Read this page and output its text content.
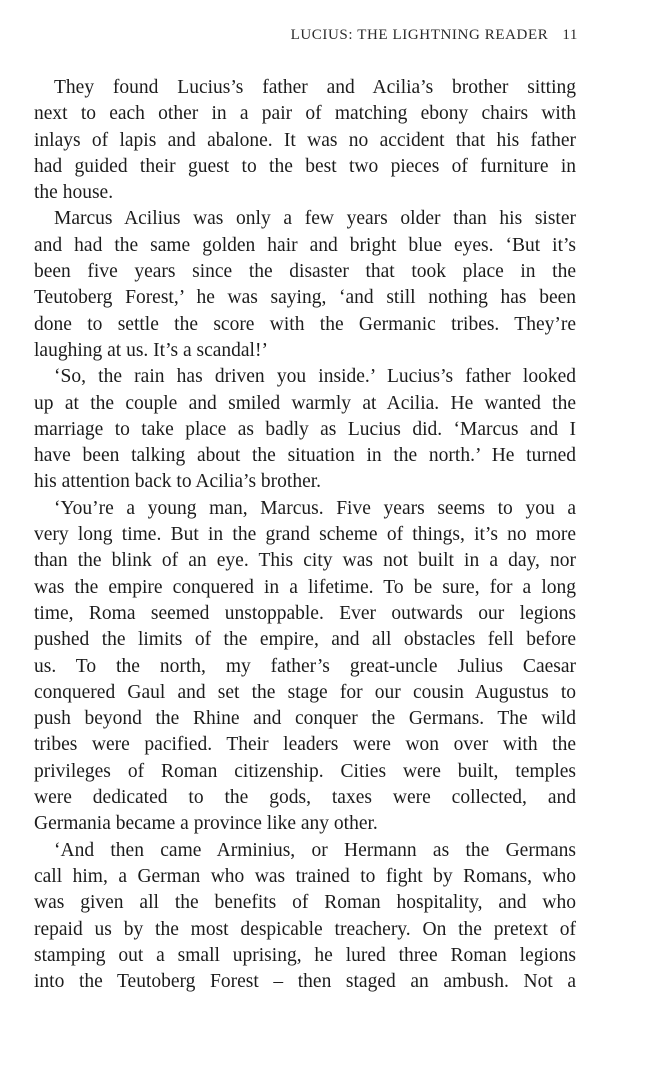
LUCIUS: THE LIGHTNING READER 11

They found Lucius’s father and Acilia’s brother sitting

next to each other in a pair of matching ebony chairs with

inlays of lapis and abalone. It was no accident that his father

had guided their guest to the best two pieces of furniture in

the house.

Marcus Acilius was only a few years older than his sister

and had the same golden hair and bright blue eyes. ‘But it’s

been five years since the disaster that took place in the

Teutoberg Forest,’ he was saying, ‘and still nothing has been

done to settle the score with the Germanic tribes. They’re

laughing at us. It’s a scandal!’

‘So, the rain has driven you inside.’ Lucius’s father looked

up at the couple and smiled warmly at Acilia. He wanted the

marriage to take place as badly as Lucius did. ‘Marcus and I

have been talking about the situation in the north.’ He turned

his attention back to Acilia’s brother.

‘You’re a young man, Marcus. Five years seems to you a

very long time. But in the grand scheme of things, it’s no more

than the blink of an eye. This city was not built in a day, nor

was the empire conquered in a lifetime. To be sure, for a long

time, Roma seemed unstoppable. Ever outwards our legions

pushed the limits of the empire, and all obstacles fell before

us. To the north, my father’s great-uncle Julius Caesar

conquered Gaul and set the stage for our cousin Augustus to

push beyond the Rhine and conquer the Germans. The wild

tribes were pacified. Their leaders were won over with the

privileges of Roman citizenship. Cities were built, temples

were dedicated to the gods, taxes were collected, and

Germania became a province like any other.

‘And then came Arminius, or Hermann as the Germans

call him, a German who was trained to fight by Romans, who

was given all the benefits of Roman hospitality, and who

repaid us by the most despicable treachery. On the pretext of

stamping out a small uprising, he lured three Roman legions

into the Teutoberg Forest – then staged an ambush. Not a
